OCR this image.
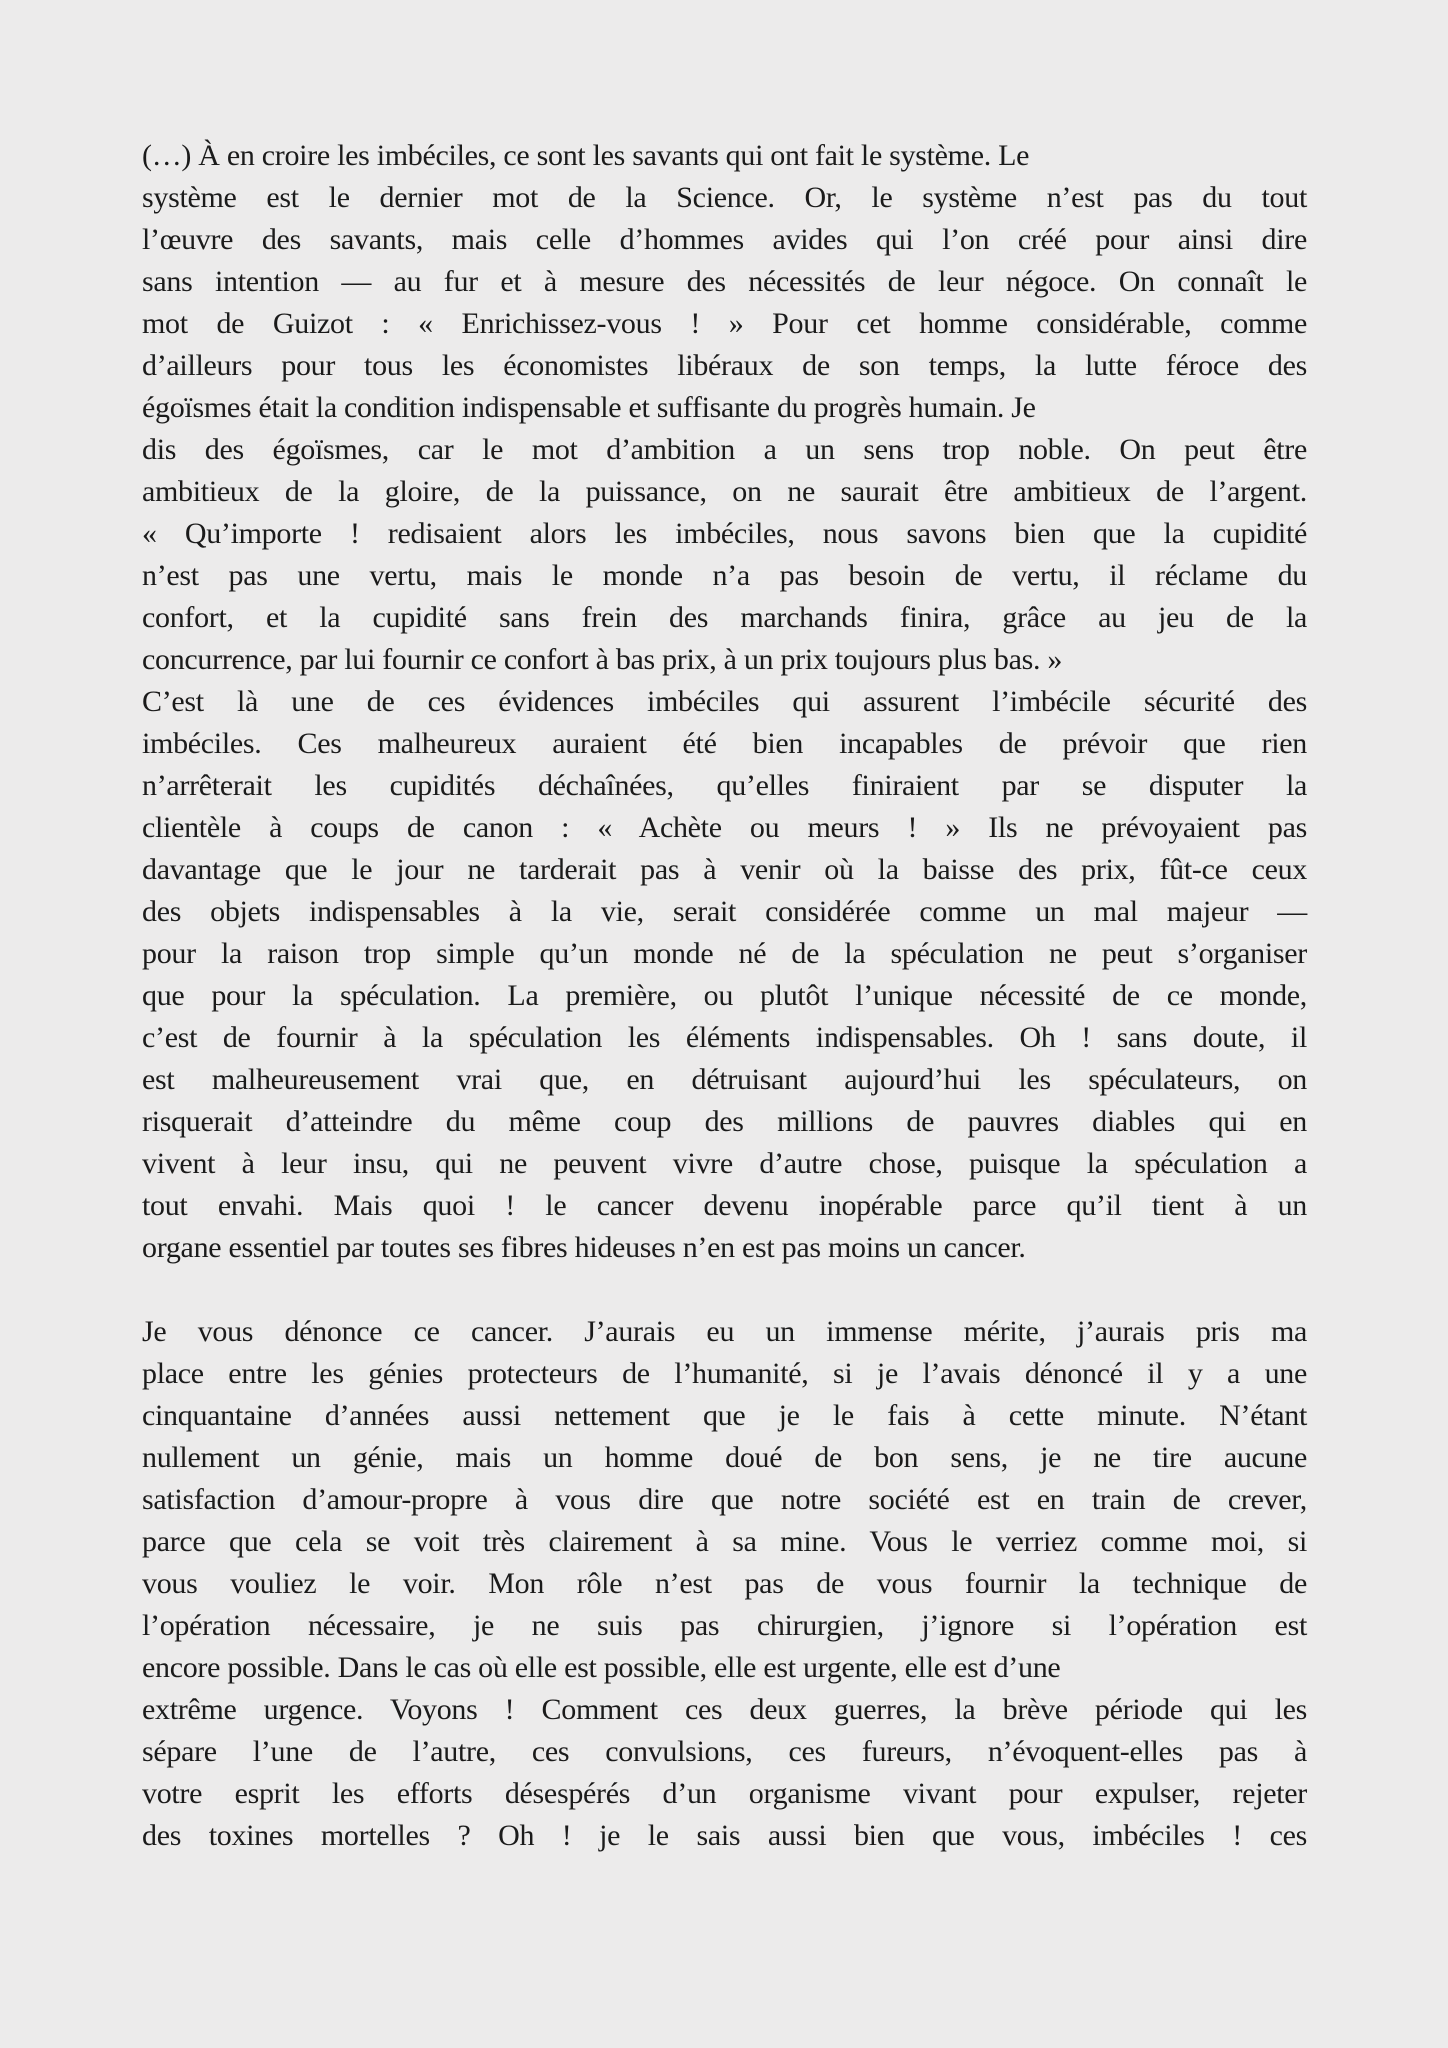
(…) À en croire les imbéciles, ce sont les savants qui ont fait le système. Le
système est le dernier mot de la Science. Or, le système n’est pas du tout
l’œuvre des savants, mais celle d’hommes avides qui l’on créé pour ainsi dire
sans intention — au fur et à mesure des nécessités de leur négoce. On connaît le
mot de Guizot : « Enrichissez-vous ! » Pour cet homme considérable, comme
d’ailleurs pour tous les économistes libéraux de son temps, la lutte féroce des
égoïsmes était la condition indispensable et suffisante du progrès humain. Je
dis des égoïsmes, car le mot d’ambition a un sens trop noble. On peut être
ambitieux de la gloire, de la puissance, on ne saurait être ambitieux de l’argent.
« Qu’importe ! redisaient alors les imbéciles, nous savons bien que la cupidité
n’est pas une vertu, mais le monde n’a pas besoin de vertu, il réclame du
confort, et la cupidité sans frein des marchands finira, grâce au jeu de la
concurrence, par lui fournir ce confort à bas prix, à un prix toujours plus bas. »
C’est là une de ces évidences imbéciles qui assurent l’imbécile sécurité des
imbéciles. Ces malheureux auraient été bien incapables de prévoir que rien
n’arrêterait les cupidités déchaînées, qu’elles finiraient par se disputer la
clientèle à coups de canon : « Achète ou meurs ! » Ils ne prévoyaient pas
davantage que le jour ne tarderait pas à venir où la baisse des prix, fût-ce ceux
des objets indispensables à la vie, serait considérée comme un mal majeur —
pour la raison trop simple qu’un monde né de la spéculation ne peut s’organiser
que pour la spéculation. La première, ou plutôt l’unique nécessité de ce monde,
c’est de fournir à la spéculation les éléments indispensables. Oh ! sans doute, il
est malheureusement vrai que, en détruisant aujourd’hui les spéculateurs, on
risquerait d’atteindre du même coup des millions de pauvres diables qui en
vivent à leur insu, qui ne peuvent vivre d’autre chose, puisque la spéculation a
tout envahi. Mais quoi ! le cancer devenu inopérable parce qu’il tient à un
organe essentiel par toutes ses fibres hideuses n’en est pas moins un cancer.
Je vous dénonce ce cancer. J’aurais eu un immense mérite, j’aurais pris ma
place entre les génies protecteurs de l’humanité, si je l’avais dénoncé il y a une
cinquantaine d’années aussi nettement que je le fais à cette minute. N’étant
nullement un génie, mais un homme doué de bon sens, je ne tire aucune
satisfaction d’amour-propre à vous dire que notre société est en train de crever,
parce que cela se voit très clairement à sa mine. Vous le verriez comme moi, si
vous vouliez le voir. Mon rôle n’est pas de vous fournir la technique de
l’opération nécessaire, je ne suis pas chirurgien, j’ignore si l’opération est
encore possible. Dans le cas où elle est possible, elle est urgente, elle est d’une
extrême urgence. Voyons ! Comment ces deux guerres, la brève période qui les
sépare l’une de l’autre, ces convulsions, ces fureurs, n’évoquent-elles pas à
votre esprit les efforts désespérés d’un organisme vivant pour expulser, rejeter
des toxines mortelles ? Oh ! je le sais aussi bien que vous, imbéciles ! ces
